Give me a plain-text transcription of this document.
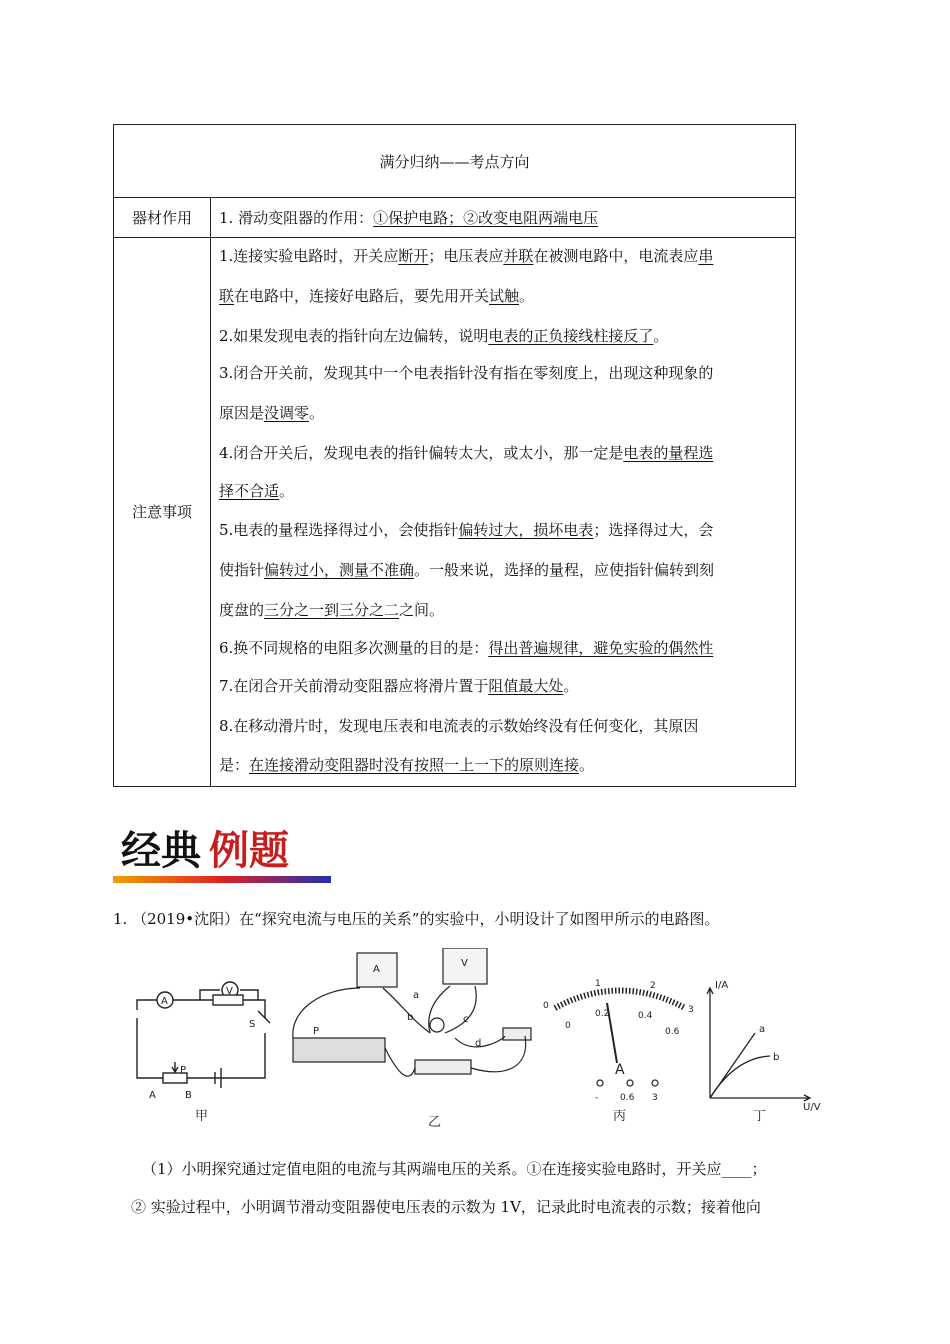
满分归纳——考点方向
器材作用	1. 滑动变阻器的作用：①保护电路；②改变电阻两端电压
注意事项
1.连接实验电路时，开关应断开；电压表应并联在被测电路中，电流表应串
联在电路中，连接好电路后，要先用开关试触。
2.如果发现电表的指针向左边偏转，说明电表的正负接线柱接反了。
3.闭合开关前，发现其中一个电表指针没有指在零刻度上，出现这种现象的
原因是没调零。
4.闭合开关后，发现电表的指针偏转太大，或太小，那一定是电表的量程选
择不合适。
5.电表的量程选择得过小，会使指针偏转过大，损坏电表；选择得过大，会
使指针偏转过小，测量不准确。一般来说，选择的量程，应使指针偏转到刻
度盘的三分之一到三分之二之间。
6.换不同规格的电阻多次测量的目的是：得出普遍规律，避免实验的偶然性
7.在闭合开关前滑动变阻器应将滑片置于阻值最大处。
8.在移动滑片时，发现电压表和电流表的示数始终没有任何变化，其原因
是：在连接滑动变阻器时没有按照一上一下的原则连接。
经典 例题
1. （2019•沈阳）在“探究电流与电压的关系”的实验中，小明设计了如图甲所示的电路图。
A
V
S
P
A	B
P
a
b	c
d
A
V
0
1	2
3
0
0.2	0.4
0.6
A
- 0.6 3
I/A
U/V
a
b
甲	乙	丙	丁
（1）小明探究通过定值电阻的电流与其两端电压的关系。①在连接实验电路时，开关应____；
② 实验过程中，小明调节滑动变阻器使电压表的示数为 1V，记录此时电流表的示数；接着他向
